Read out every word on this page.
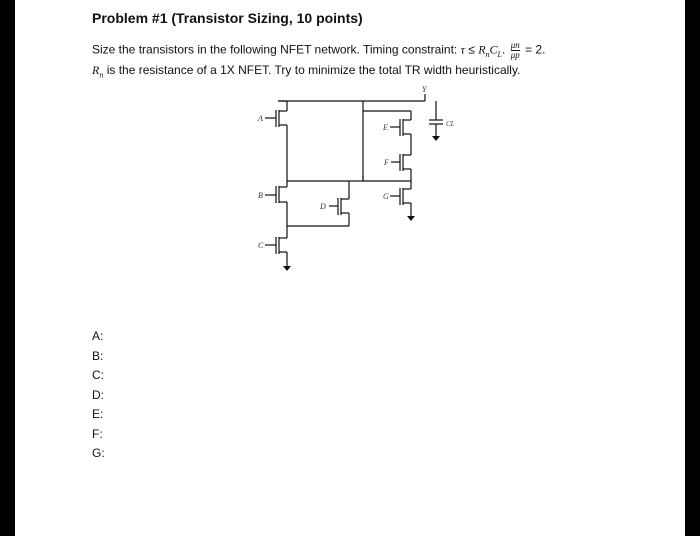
Problem #1 (Transistor Sizing, 10 points)
Size the transistors in the following NFET network. Timing constraint: $\tau \le R_nC_L$. $\frac{\mu n}{\mu p} = 2$.
$R_n$ is the resistance of a 1X NFET. Try to minimize the total TR width heuristically.
Y
A
B
C
D
E
F
G
CL
A:
B:
C:
D:
E:
F:
G:
